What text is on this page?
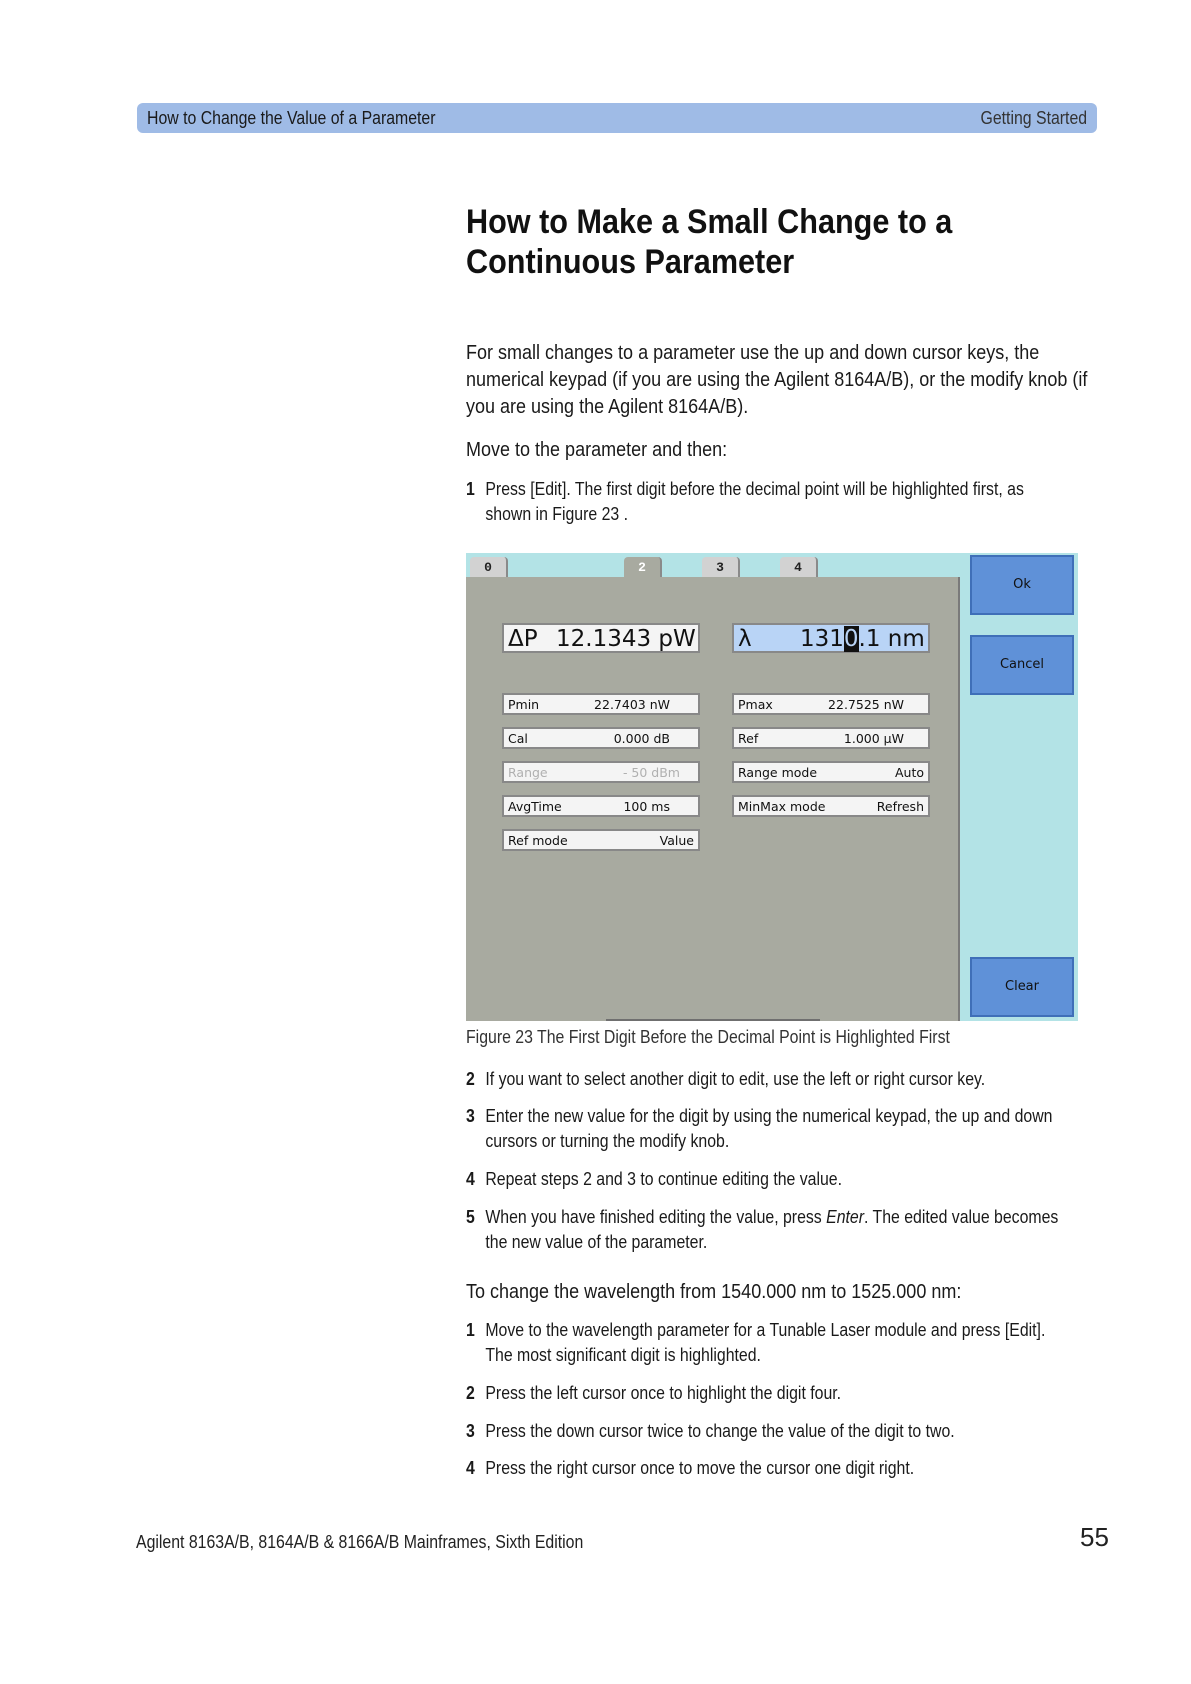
How to Change the Value of a Parameter	Getting Started
How to Make a Small Change to a
Continuous Parameter

For small changes to a parameter use the up and down cursor keys, the numerical keypad (if you are using the Agilent 8164A/B), or the modify knob (if you are using the Agilent 8164A/B).

Move to the parameter and then:

1 Press [Edit]. The first digit before the decimal point will be highlighted first, as shown in Figure 23 .
0	2	3	4
ΔP 12.1343 pW λ 1310.1 nm
Pmin	22.7403 nW
Cal	0.000 dB
Range	- 50 dBm
AvgTime	100 ms
Ref mode	Value
Pmax	22.7525 nW
Ref	1.000 μW
Range mode	Auto
MinMax mode	Refresh
Ok
Cancel
Clear
Figure 23 The First Digit Before the Decimal Point is Highlighted First
2 If you want to select another digit to edit, use the left or right cursor key.
3 Enter the new value for the digit by using the numerical keypad, the up and down cursors or turning the modify knob.
4 Repeat steps 2 and 3 to continue editing the value.
5 When you have finished editing the value, press Enter. The edited value becomes the new value of the parameter.

To change the wavelength from 1540.000 nm to 1525.000 nm:

1 Move to the wavelength parameter for a Tunable Laser module and press [Edit]. The most significant digit is highlighted.
2 Press the left cursor once to highlight the digit four.
3 Press the down cursor twice to change the value of the digit to two.
4 Press the right cursor once to move the cursor one digit right.
Agilent 8163A/B, 8164A/B & 8166A/B Mainframes, Sixth Edition	55
